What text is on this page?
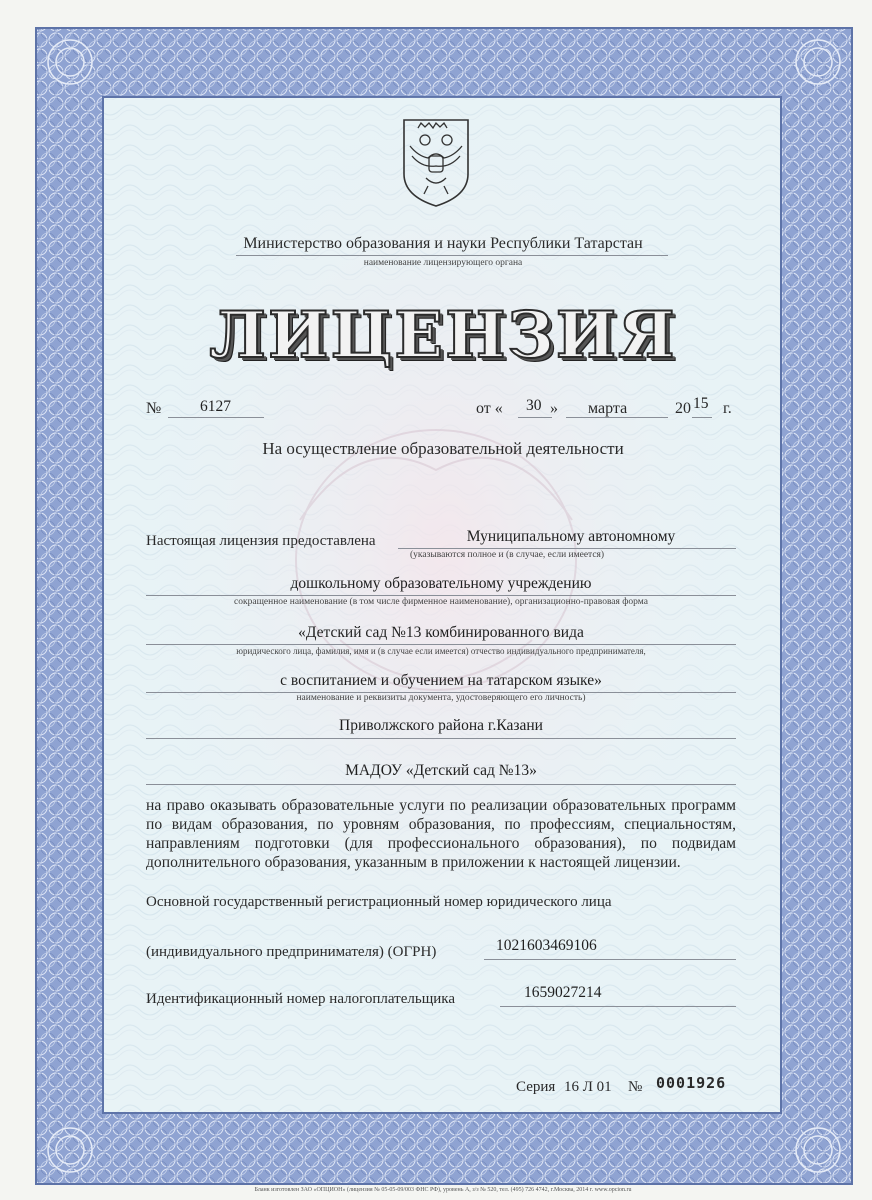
Министерство образования и науки Республики Татарстан
наименование лицензирующего органа
ЛИЦЕНЗИЯ
№ 6127	от « 30 » марта	20 15 г.
На осуществление образовательной деятельности
Настоящая лицензия предоставлена	Муниципальному автономному
(указываются полное и (в случае, если имеется)
дошкольному образовательному учреждению
сокращенное наименование (в том числе фирменное наименование), организационно-правовая форма
«Детский сад №13 комбинированного вида
юридического лица, фамилия, имя и (в случае если имеется) отчество индивидуального предпринимателя,
с воспитанием и обучением на татарском языке»
наименование и реквизиты документа, удостоверяющего его личность)
Приволжского района г.Казани
МАДОУ «Детский сад №13»
на право оказывать образовательные услуги по реализации образовательных программ по видам образования, по уровням образования, по профессиям, специальностям, направлениям подготовки (для профессионального образования), по подвидам дополнительного образования, указанным в приложении к настоящей лицензии.
Основной государственный регистрационный номер юридического лица
(индивидуального предпринимателя) (ОГРН)	1021603469106
Идентификационный номер налогоплательщика	1659027214
Серия 16 Л 01 № 0001926
Бланк изготовлен ЗАО «ОПЦИОН» (лицензия № 05-05-09/003 ФНС РФ), уровень А, з/з № 520, тел. (495) 726 4742, г.Москва, 2014 г. www.opcion.ru
